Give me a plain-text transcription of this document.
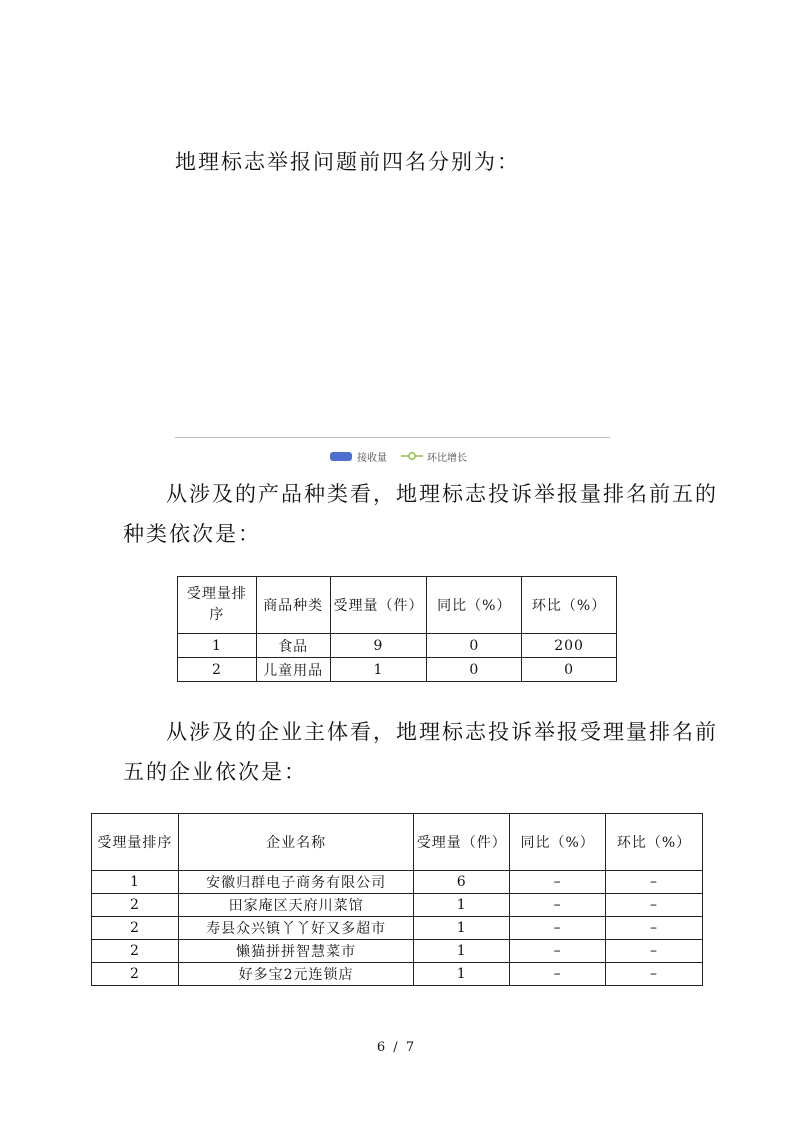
地理标志举报问题前四名分别为：

接收量	环比增长

从涉及的产品种类看，地理标志投诉举报量排名前五的

种类依次是：

受理量排序	商品种类	受理量（件）	同比（%）	环比（%）
1	食品	9	0	200
2	儿童用品	1	0	0

从涉及的企业主体看，地理标志投诉举报受理量排名前

五的企业依次是：

受理量排序	企业名称	受理量（件）	同比（%）	环比（%）
1	安徽归群电子商务有限公司	6	–	–
2	田家庵区天府川菜馆	1	–	–
2	寿县众兴镇丫丫好又多超市	1	–	–
2	懒猫拼拼智慧菜市	1	–	–
2	好多宝2元连锁店	1	–	–
6 / 7
